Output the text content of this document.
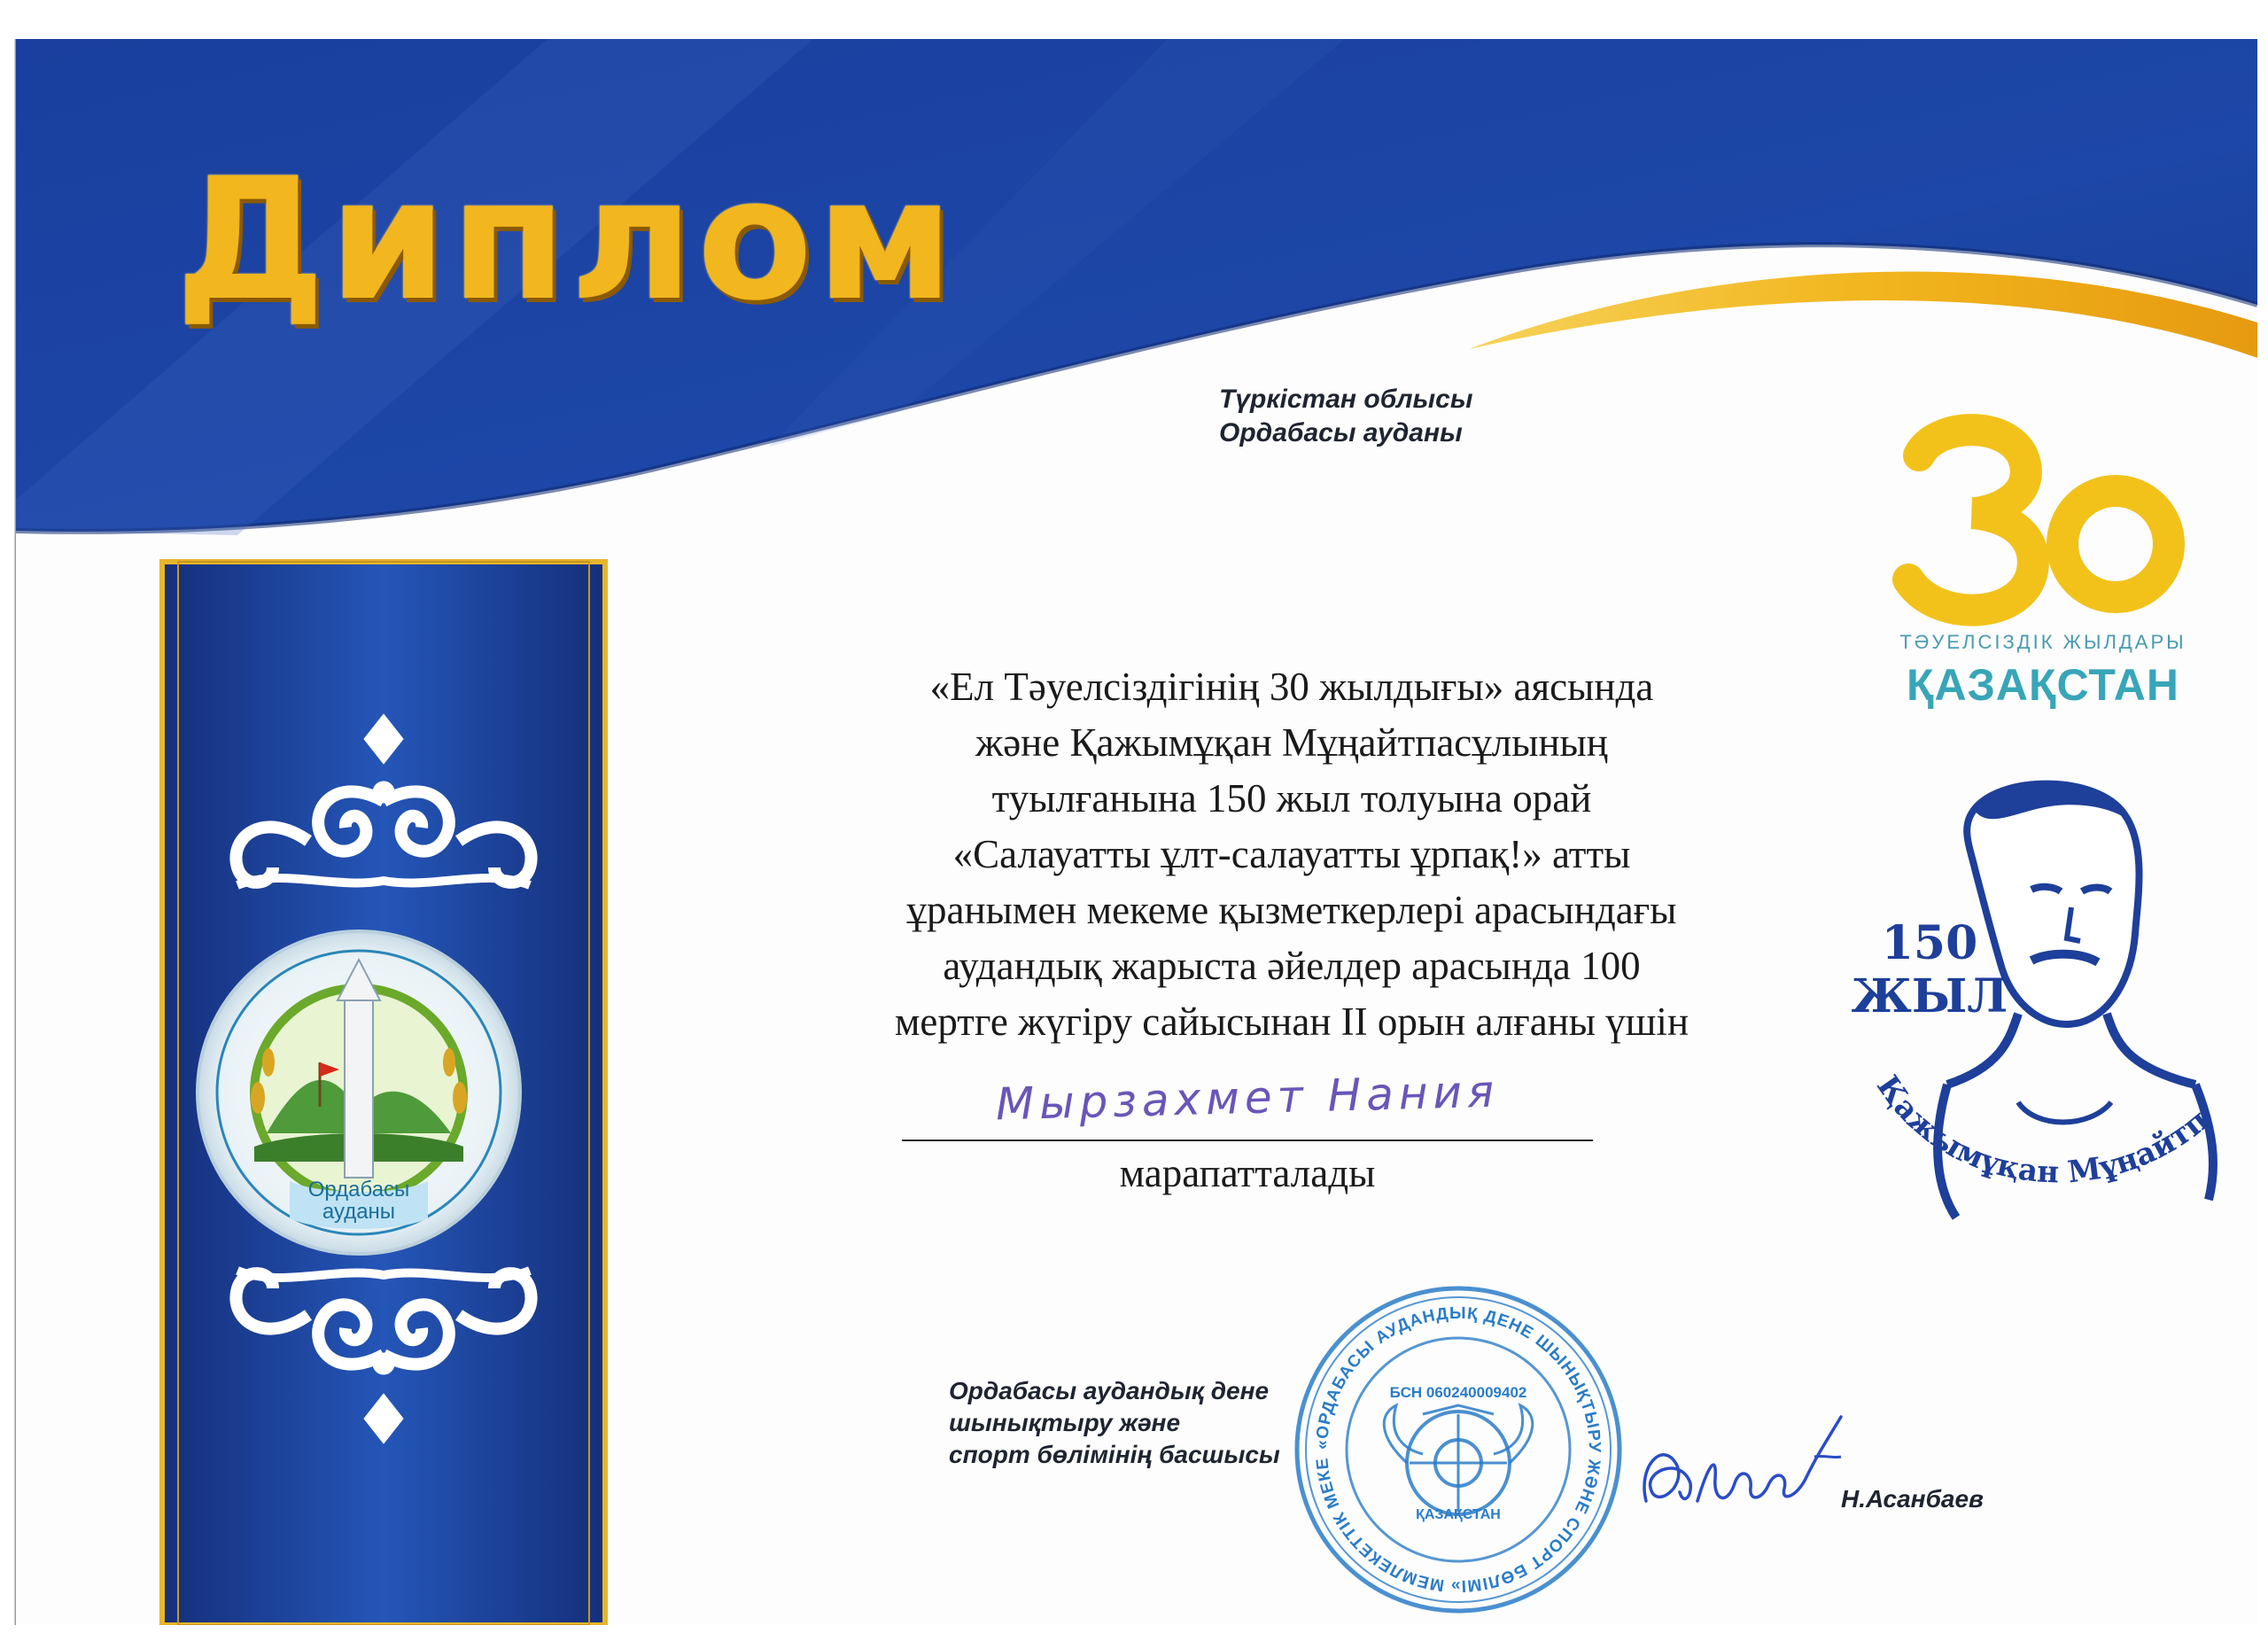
Диплом
Түркістан облысы
Ордабасы ауданы
Ордабасы
ауданы
«Ел Тәуелсіздігінің 30 жылдығы» аясында
және Қажымұқан Мұңайтпасұлының
туылғанына 150 жыл толуына орай
«Салауатты ұлт-салауатты ұрпақ!» атты
ұранымен мекеме қызметкерлері арасындағы
аудандық жарыста әйелдер арасында 100
мертге жүгіру сайысынан ІІ орын алғаны үшін
Мырзахмет Нания

марапатталады

ТӘУЕЛСІЗДІК ЖЫЛДАРЫ
ҚАЗАҚСТАН
Қажымұқан Мұңайтп
150
ЖЫЛ
Ордабасы аудандық дене
шынықтыру және
спорт бөлімінің басшысы	«ОРДАБАСЫ АУДАНДЫҚ ДЕНЕ ШЫНЫҚТЫРУ ЖӘНЕ СПОРТ БӨЛІМІ» МЕМЛЕКЕТТІК МЕКЕ
БСН 060240009402
ҚАЗАҚСТАН
Н.Асанбаев
